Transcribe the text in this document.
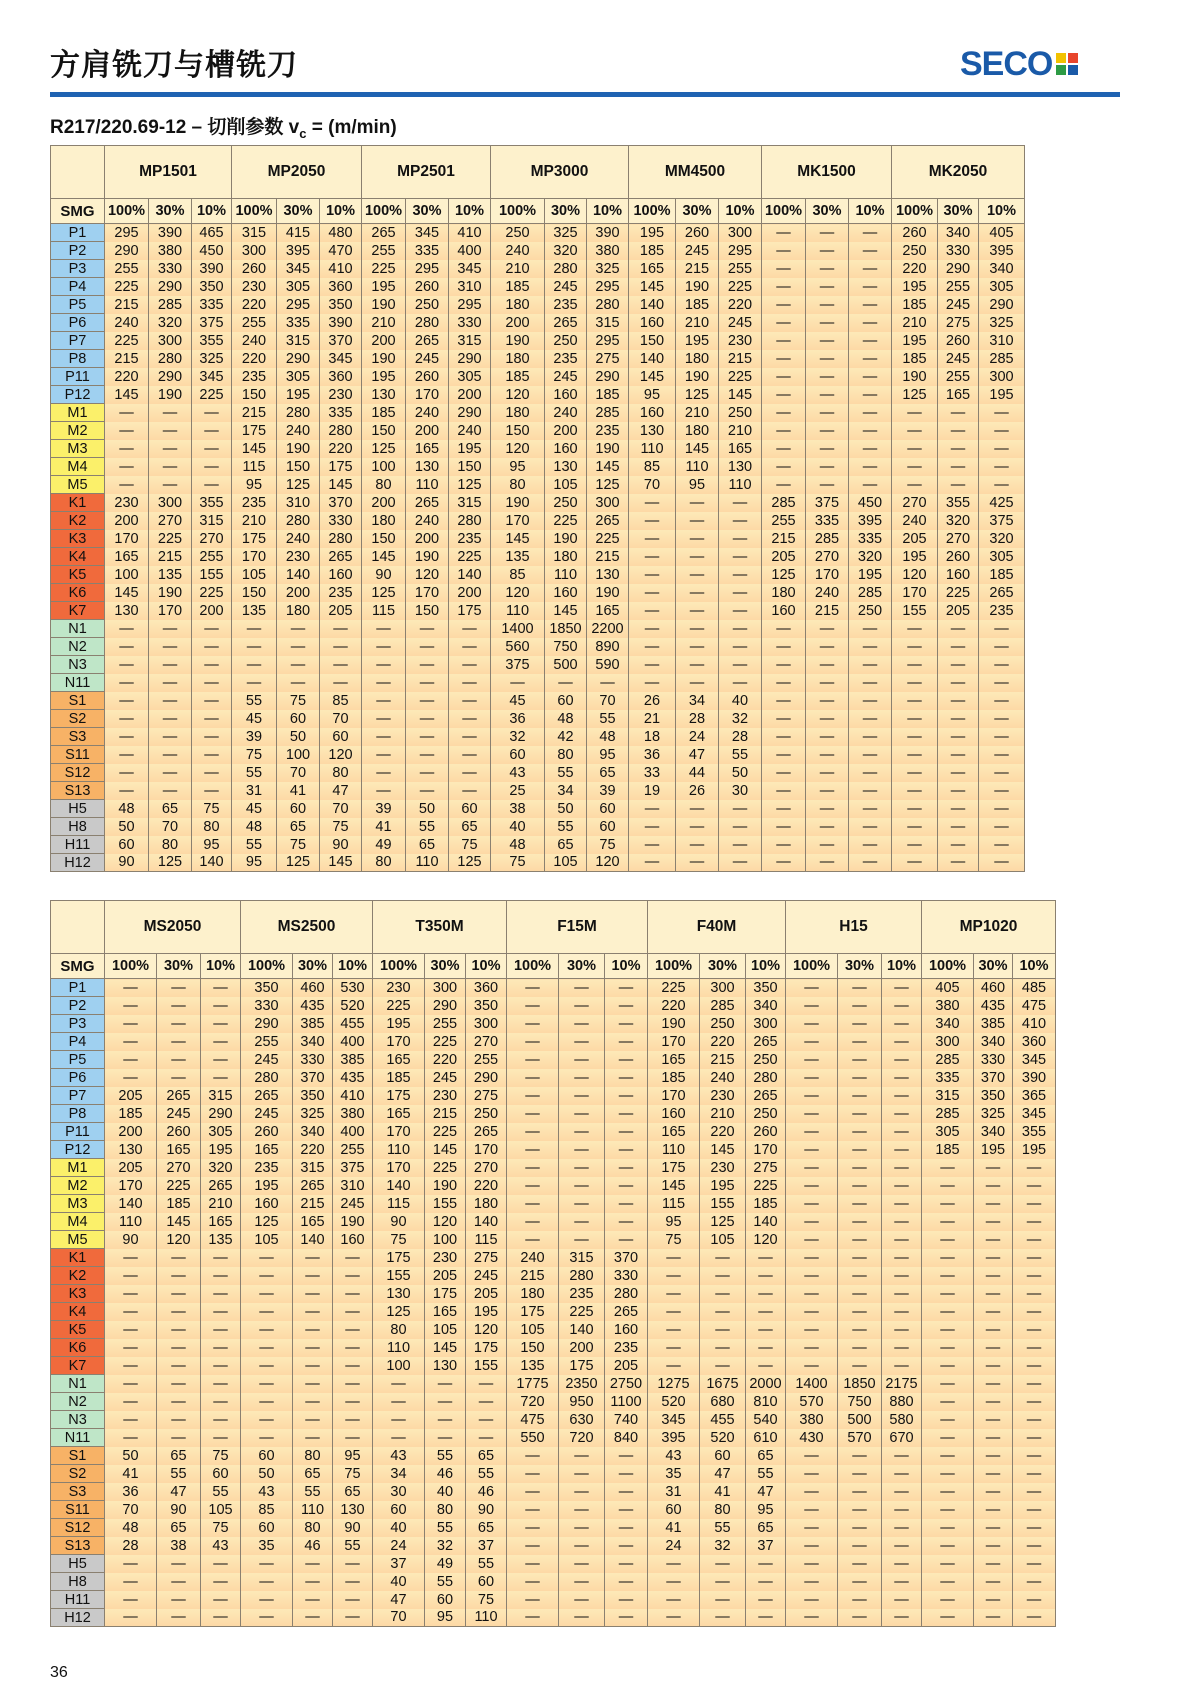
方肩铣刀与槽铣刀	SECO
R217/220.69-12 – 切削参数 $v_c = (m/\min)$
	MP1501			MP2050			MP2501			MP3000			MM4500			MK1500			MK2050		
SMG	100%	30%	10%	100%	30%	10%	100%	30%	10%	100%	30%	10%	100%	30%	10%	100%	30%	10%	100%	30%	10%
P1	295	390	465	315	415	480	265	345	410	250	325	390	195	260	300	—	—	—	260	340	405
P2	290	380	450	300	395	470	255	335	400	240	320	380	185	245	295	—	—	—	250	330	395
P3	255	330	390	260	345	410	225	295	345	210	280	325	165	215	255	—	—	—	220	290	340
P4	225	290	350	230	305	360	195	260	310	185	245	295	145	190	225	—	—	—	195	255	305
P5	215	285	335	220	295	350	190	250	295	180	235	280	140	185	220	—	—	—	185	245	290
P6	240	320	375	255	335	390	210	280	330	200	265	315	160	210	245	—	—	—	210	275	325
P7	225	300	355	240	315	370	200	265	315	190	250	295	150	195	230	—	—	—	195	260	310
P8	215	280	325	220	290	345	190	245	290	180	235	275	140	180	215	—	—	—	185	245	285
P11	220	290	345	235	305	360	195	260	305	185	245	290	145	190	225	—	—	—	190	255	300
P12	145	190	225	150	195	230	130	170	200	120	160	185	95	125	145	—	—	—	125	165	195
M1	—	—	—	215	280	335	185	240	290	180	240	285	160	210	250	—	—	—	—	—	—
M2	—	—	—	175	240	280	150	200	240	150	200	235	130	180	210	—	—	—	—	—	—
M3	—	—	—	145	190	220	125	165	195	120	160	190	110	145	165	—	—	—	—	—	—
M4	—	—	—	115	150	175	100	130	150	95	130	145	85	110	130	—	—	—	—	—	—
M5	—	—	—	95	125	145	80	110	125	80	105	125	70	95	110	—	—	—	—	—	—
K1	230	300	355	235	310	370	200	265	315	190	250	300	—	—	—	285	375	450	270	355	425
K2	200	270	315	210	280	330	180	240	280	170	225	265	—	—	—	255	335	395	240	320	375
K3	170	225	270	175	240	280	150	200	235	145	190	225	—	—	—	215	285	335	205	270	320
K4	165	215	255	170	230	265	145	190	225	135	180	215	—	—	—	205	270	320	195	260	305
K5	100	135	155	105	140	160	90	120	140	85	110	130	—	—	—	125	170	195	120	160	185
K6	145	190	225	150	200	235	125	170	200	120	160	190	—	—	—	180	240	285	170	225	265
K7	130	170	200	135	180	205	115	150	175	110	145	165	—	—	—	160	215	250	155	205	235
N1	—	—	—	—	—	—	—	—	—	1400	1850	2200	—	—	—	—	—	—	—	—	—
N2	—	—	—	—	—	—	—	—	—	560	750	890	—	—	—	—	—	—	—	—	—
N3	—	—	—	—	—	—	—	—	—	375	500	590	—	—	—	—	—	—	—	—	—
N11	—	—	—	—	—	—	—	—	—	—	—	—	—	—	—	—	—	—	—	—	—
S1	—	—	—	55	75	85	—	—	—	45	60	70	26	34	40	—	—	—	—	—	—
S2	—	—	—	45	60	70	—	—	—	36	48	55	21	28	32	—	—	—	—	—	—
S3	—	—	—	39	50	60	—	—	—	32	42	48	18	24	28	—	—	—	—	—	—
S11	—	—	—	75	100	120	—	—	—	60	80	95	36	47	55	—	—	—	—	—	—
S12	—	—	—	55	70	80	—	—	—	43	55	65	33	44	50	—	—	—	—	—	—
S13	—	—	—	31	41	47	—	—	—	25	34	39	19	26	30	—	—	—	—	—	—
H5	48	65	75	45	60	70	39	50	60	38	50	60	—	—	—	—	—	—	—	—	—
H8	50	70	80	48	65	75	41	55	65	40	55	60	—	—	—	—	—	—	—	—	—
H11	60	80	95	55	75	90	49	65	75	48	65	75	—	—	—	—	—	—	—	—	—
H12	90	125	140	95	125	145	80	110	125	75	105	120	—	—	—	—	—	—	—	—	—
	MS2050			MS2500			T350M			F15M			F40M			H15			MP1020		
SMG	100%	30%	10%	100%	30%	10%	100%	30%	10%	100%	30%	10%	100%	30%	10%	100%	30%	10%	100%	30%	10%
P1	—	—	—	350	460	530	230	300	360	—	—	—	225	300	350	—	—	—	405	460	485
P2	—	—	—	330	435	520	225	290	350	—	—	—	220	285	340	—	—	—	380	435	475
P3	—	—	—	290	385	455	195	255	300	—	—	—	190	250	300	—	—	—	340	385	410
P4	—	—	—	255	340	400	170	225	270	—	—	—	170	220	265	—	—	—	300	340	360
P5	—	—	—	245	330	385	165	220	255	—	—	—	165	215	250	—	—	—	285	330	345
P6	—	—	—	280	370	435	185	245	290	—	—	—	185	240	280	—	—	—	335	370	390
P7	205	265	315	265	350	410	175	230	275	—	—	—	170	230	265	—	—	—	315	350	365
P8	185	245	290	245	325	380	165	215	250	—	—	—	160	210	250	—	—	—	285	325	345
P11	200	260	305	260	340	400	170	225	265	—	—	—	165	220	260	—	—	—	305	340	355
P12	130	165	195	165	220	255	110	145	170	—	—	—	110	145	170	—	—	—	185	195	195
M1	205	270	320	235	315	375	170	225	270	—	—	—	175	230	275	—	—	—	—	—	—
M2	170	225	265	195	265	310	140	190	220	—	—	—	145	195	225	—	—	—	—	—	—
M3	140	185	210	160	215	245	115	155	180	—	—	—	115	155	185	—	—	—	—	—	—
M4	110	145	165	125	165	190	90	120	140	—	—	—	95	125	140	—	—	—	—	—	—
M5	90	120	135	105	140	160	75	100	115	—	—	—	75	105	120	—	—	—	—	—	—
K1	—	—	—	—	—	—	175	230	275	240	315	370	—	—	—	—	—	—	—	—	—
K2	—	—	—	—	—	—	155	205	245	215	280	330	—	—	—	—	—	—	—	—	—
K3	—	—	—	—	—	—	130	175	205	180	235	280	—	—	—	—	—	—	—	—	—
K4	—	—	—	—	—	—	125	165	195	175	225	265	—	—	—	—	—	—	—	—	—
K5	—	—	—	—	—	—	80	105	120	105	140	160	—	—	—	—	—	—	—	—	—
K6	—	—	—	—	—	—	110	145	175	150	200	235	—	—	—	—	—	—	—	—	—
K7	—	—	—	—	—	—	100	130	155	135	175	205	—	—	—	—	—	—	—	—	—
N1	—	—	—	—	—	—	—	—	—	1775	2350	2750	1275	1675	2000	1400	1850	2175	—	—	—
N2	—	—	—	—	—	—	—	—	—	720	950	1100	520	680	810	570	750	880	—	—	—
N3	—	—	—	—	—	—	—	—	—	475	630	740	345	455	540	380	500	580	—	—	—
N11	—	—	—	—	—	—	—	—	—	550	720	840	395	520	610	430	570	670	—	—	—
S1	50	65	75	60	80	95	43	55	65	—	—	—	43	60	65	—	—	—	—	—	—
S2	41	55	60	50	65	75	34	46	55	—	—	—	35	47	55	—	—	—	—	—	—
S3	36	47	55	43	55	65	30	40	46	—	—	—	31	41	47	—	—	—	—	—	—
S11	70	90	105	85	110	130	60	80	90	—	—	—	60	80	95	—	—	—	—	—	—
S12	48	65	75	60	80	90	40	55	65	—	—	—	41	55	65	—	—	—	—	—	—
S13	28	38	43	35	46	55	24	32	37	—	—	—	24	32	37	—	—	—	—	—	—
H5	—	—	—	—	—	—	37	49	55	—	—	—	—	—	—	—	—	—	—	—	—
H8	—	—	—	—	—	—	40	55	60	—	—	—	—	—	—	—	—	—	—	—	—
H11	—	—	—	—	—	—	47	60	75	—	—	—	—	—	—	—	—	—	—	—	—
H12	—	—	—	—	—	—	70	95	110	—	—	—	—	—	—	—	—	—	—	—	—
36
